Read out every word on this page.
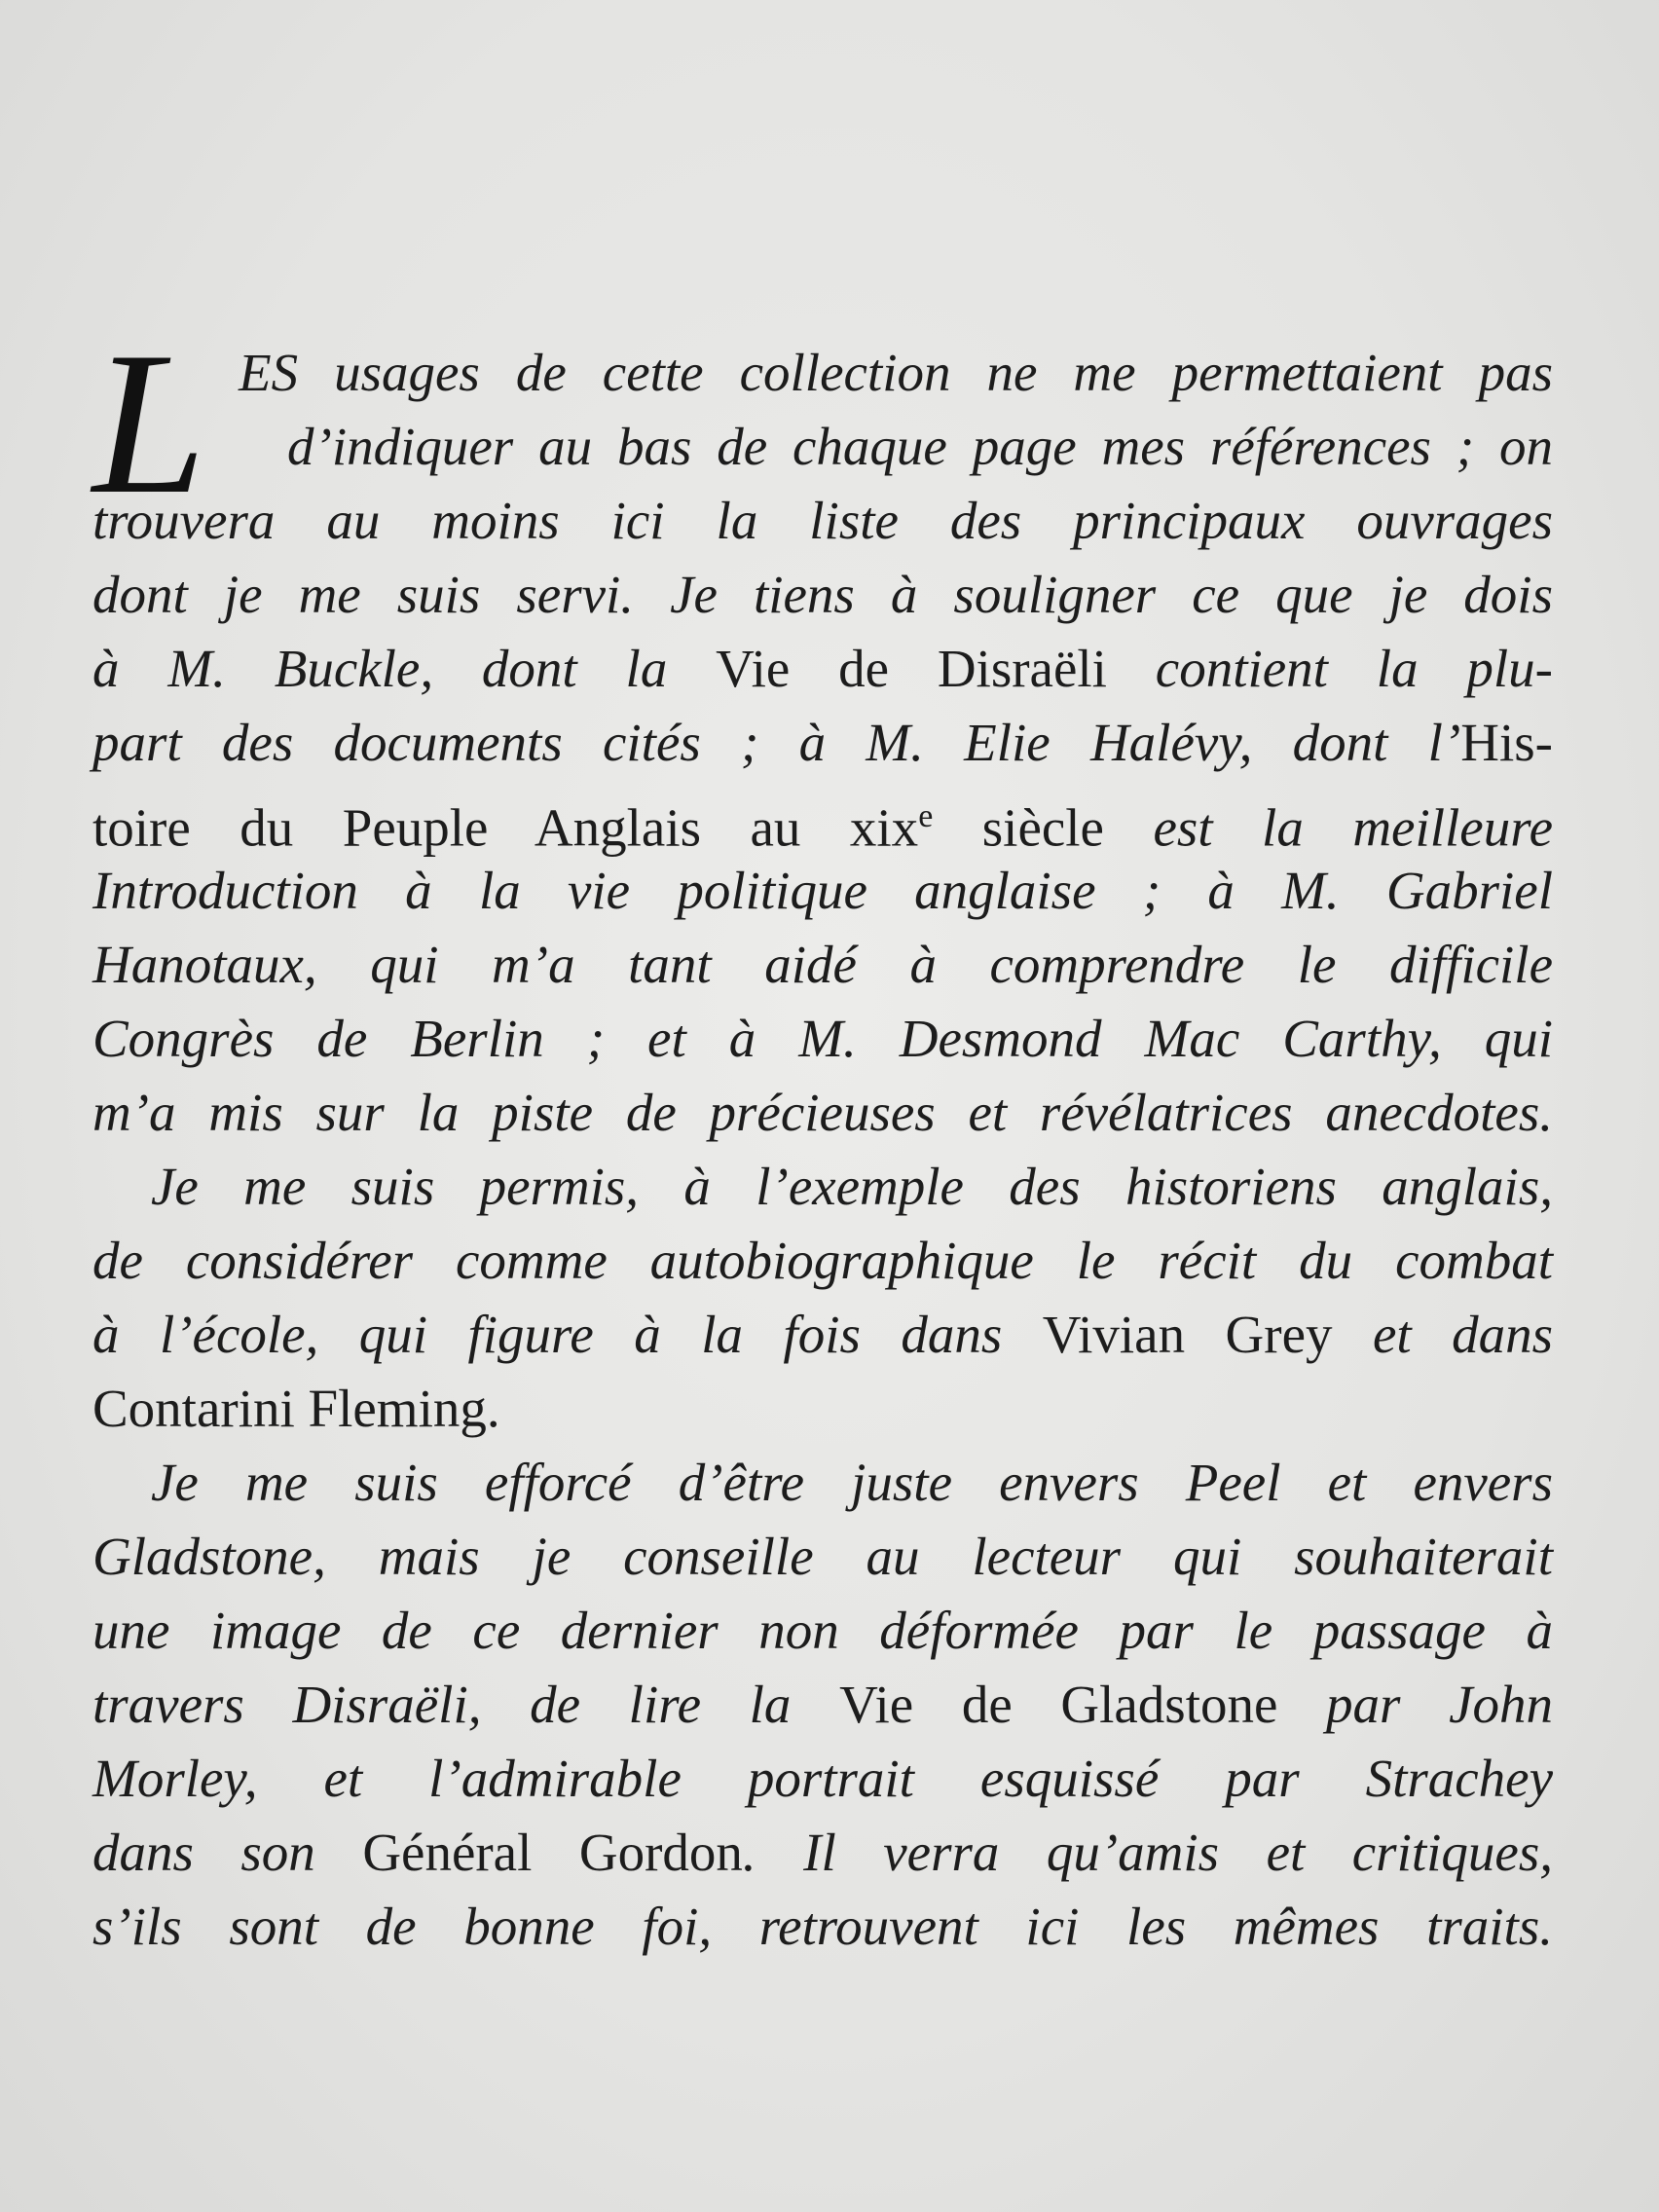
L ES usages de cette collection ne me permettaient pas
d’indiquer au bas de chaque page mes références ; on
trouvera au moins ici la liste des principaux ouvrages
dont je me suis servi. Je tiens à souligner ce que je dois
à M. Buckle, dont la Vie de Disraëli contient la plu-
part des documents cités ; à M. Elie Halévy, dont l’His-
toire du Peuple Anglais au xix$^e$ siècle est la meilleure
Introduction à la vie politique anglaise ; à M. Gabriel
Hanotaux, qui m’a tant aidé à comprendre le difficile
Congrès de Berlin ; et à M. Desmond Mac Carthy, qui
m’a mis sur la piste de précieuses et révélatrices anecdotes.
Je me suis permis, à l’exemple des historiens anglais,
de considérer comme autobiographique le récit du combat
à l’école, qui figure à la fois dans Vivian Grey et dans
Contarini Fleming.
Je me suis efforcé d’être juste envers Peel et envers
Gladstone, mais je conseille au lecteur qui souhaiterait
une image de ce dernier non déformée par le passage à
travers Disraëli, de lire la Vie de Gladstone par John
Morley, et l’admirable portrait esquissé par Strachey
dans son Général Gordon. Il verra qu’amis et critiques,
s’ils sont de bonne foi, retrouvent ici les mêmes traits.
